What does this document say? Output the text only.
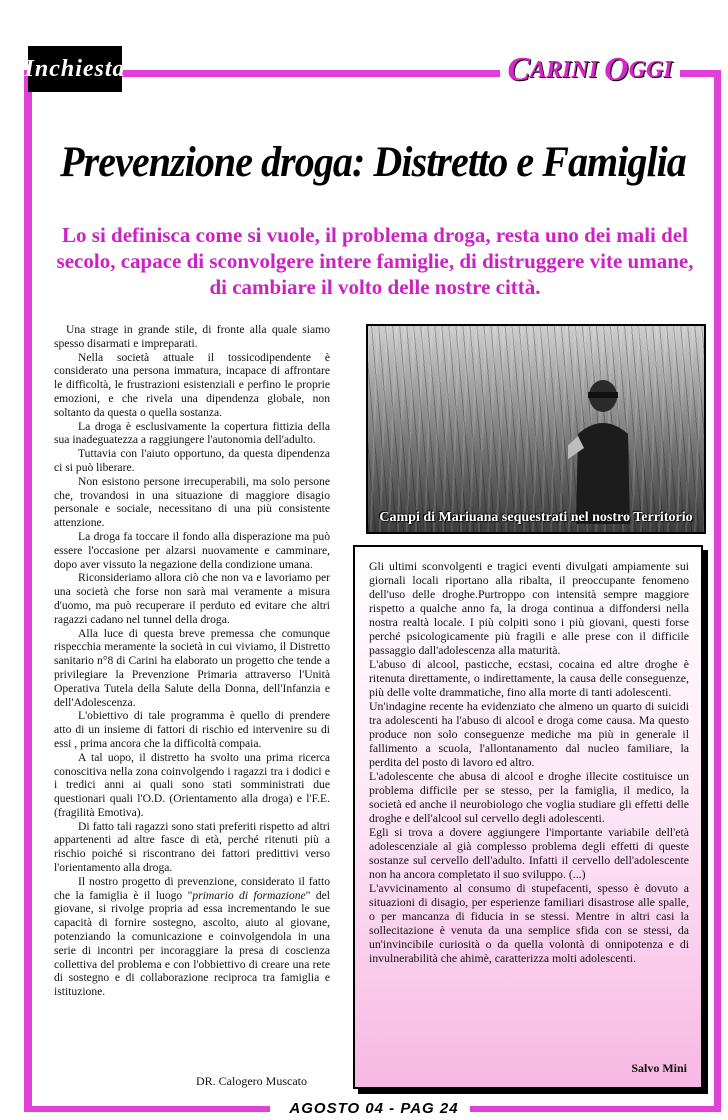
Inchiesta	C ARINI
O GGI
Prevenzione droga: Distretto e Famiglia

Lo si definisca come si vuole, il problema droga, resta uno dei mali del secolo, capace di sconvolgere intere famiglie, di distruggere vite umane, di cambiare il volto delle nostre città.

Una strage in grande stile, di fronte alla quale siamo spesso disarmati e impreparati.

Nella società attuale il tossicodipendente è considerato una persona immatura, incapace di affrontare le difficoltà, le frustrazioni esistenziali e perfino le proprie emozioni, e che rivela una dipendenza globale, non soltanto da questa o quella sostanza.

La droga è esclusivamente la copertura fittizia della sua inadeguatezza a raggiungere l'autonomia dell'adulto.

Tuttavia con l'aiuto opportuno, da questa dipendenza ci si può liberare.

Non esistono persone irrecuperabili, ma solo persone che, trovandosi in una situazione di maggiore disagio personale e sociale, necessitano di una più consistente attenzione.

La droga fa toccare il fondo alla disperazione ma può essere l'occasione per alzarsi nuovamente e camminare, dopo aver vissuto la negazione della condizione umana.

Riconsideriamo allora ciò che non va e lavoriamo per una società che forse non sarà mai veramente a misura d'uomo, ma può recuperare il perduto ed evitare che altri ragazzi cadano nel tunnel della droga.

Alla luce di questa breve premessa che comunque rispecchia meramente la società in cui viviamo, il Distretto sanitario n°8 di Carini ha elaborato un progetto che tende a privilegiare la Prevenzione Primaria attraverso l'Unità Operativa Tutela della Salute della Donna, dell'Infanzia e dell'Adolescenza.

L'obiettivo di tale programma è quello di prendere atto di un insieme di fattori di rischio ed intervenire su di essi , prima ancora che la difficoltà compaia.

A tal uopo, il distretto ha svolto una prima ricerca conoscitiva nella zona coinvolgendo i ragazzi tra i dodici e i tredici anni ai quali sono stati somministrati due questionari quali l'O.D. (Orientamento alla droga) e l'F.E. (fragilità Emotiva).

Di fatto tali ragazzi sono stati preferiti rispetto ad altri appartenenti ad altre fasce di età, perché ritenuti più a rischio poiché si riscontrano dei fattori predittivi verso l'orientamento alla droga.

Il nostro progetto di prevenzione, considerato il fatto che la famiglia è il luogo "primario di formazione" del giovane, si rivolge propria ad essa incrementando le sue capacità di fornire sostegno, ascolto, aiuto al giovane, potenziando la comunicazione e coinvolgendola in una serie di incontri per incoraggiare la presa di coscienza collettiva del problema e con l'obbiettivo di creare una rete di sostegno e di collaborazione reciproca tra famiglia e istituzione.

DR. Calogero Muscato
Campi di Mariuana sequestrati nel nostro Territorio

Gli ultimi sconvolgenti e tragici eventi divulgati ampiamente sui giornali locali riportano alla ribalta, il preoccupante fenomeno dell'uso delle droghe.Purtroppo con intensità sempre maggiore rispetto a qualche anno fa, la droga continua a diffondersi nella nostra realtà locale. I più colpiti sono i più giovani, questi forse perché psicologicamente più fragili e alle prese con il difficile passaggio dall'adolescenza alla maturità.

L'abuso di alcool, pasticche, ecstasi, cocaina ed altre droghe è ritenuta direttamente, o indirettamente, la causa delle conseguenze, più delle volte drammatiche, fino alla morte di tanti adolescenti.

Un'indagine recente ha evidenziato che almeno un quarto di suicidi tra adolescenti ha l'abuso di alcool e droga come causa. Ma questo produce non solo conseguenze mediche ma più in generale il fallimento a scuola, l'allontanamento dal nucleo familiare, la perdita del posto di lavoro ed altro.

L'adolescente che abusa di alcool e droghe illecite costituisce un problema difficile per se stesso, per la famiglia, il medico, la società ed anche il neurobiologo che voglia studiare gli effetti delle droghe e dell'alcool sul cervello degli adolescenti.

Egli si trova a dovere aggiungere l'importante variabile dell'età adolescenziale al già complesso problema degli effetti di queste sostanze sul cervello dell'adulto. Infatti il cervello dell'adolescente non ha ancora completato il suo sviluppo. (...)

L'avvicinamento al consumo di stupefacenti, spesso è dovuto a situazioni di disagio, per esperienze familiari disastrose alle spalle, o per mancanza di fiducia in se stessi. Mentre in altri casi la sollecitazione è venuta da una semplice sfida con se stessi, da un'invincibile curiosità o da quella volontà di onnipotenza e di invulnerabilità che ahimè, caratterizza molti adolescenti.

Salvo Mini
AGOSTO 04 - PAG 24
